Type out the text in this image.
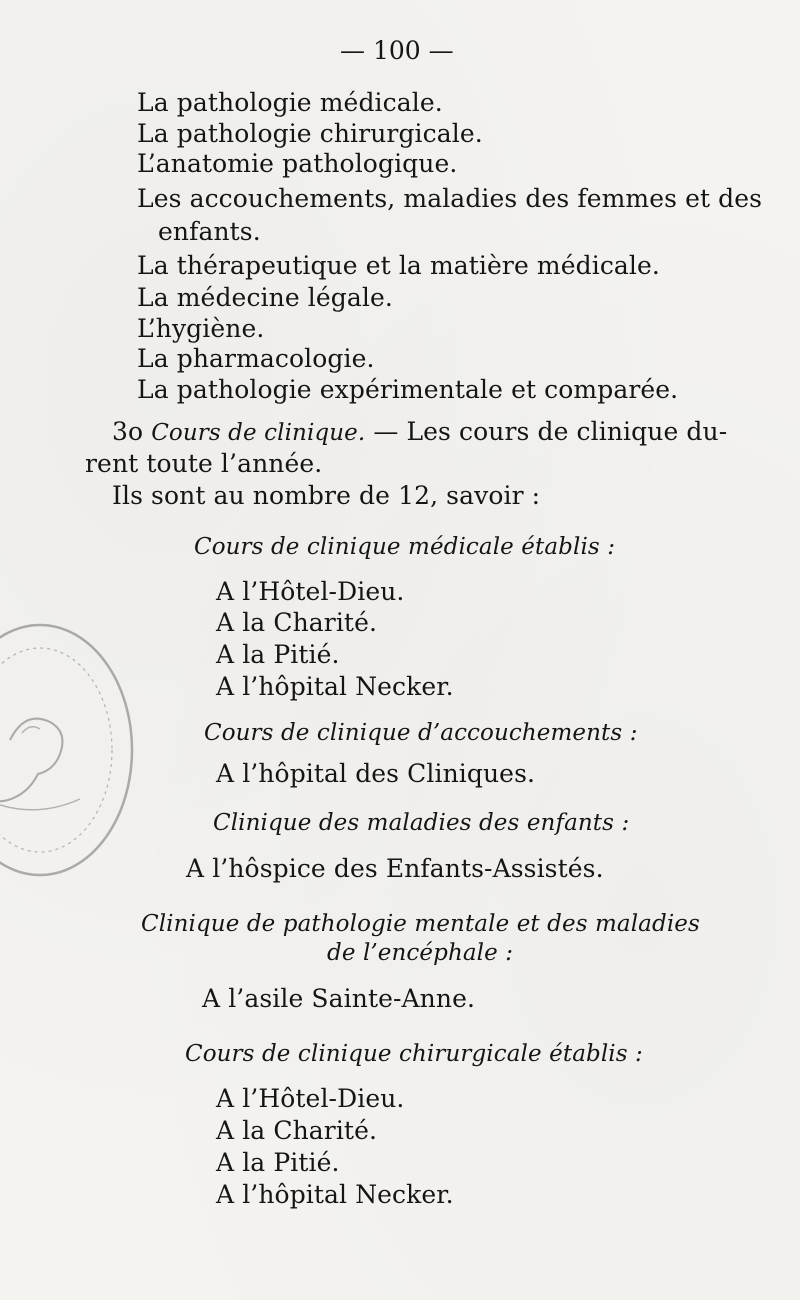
— 100 —
La pathologie médicale.
La pathologie chirurgicale.
L’anatomie pathologique.
Les accouchements, maladies des femmes et des
enfants.
La thérapeutique et la matière médicale.
La médecine légale.
L’hygiène.
La pharmacologie.
La pathologie expérimentale et comparée.
3o Cours de clinique. — Les cours de clinique du-
rent toute l’année.
Ils sont au nombre de 12, savoir :
Cours de clinique médicale établis :
A l’Hôtel-Dieu.
A la Charité.
A la Pitié.
A l’hôpital Necker.
Cours de clinique d’accouchements :
A l’hôpital des Cliniques.
Clinique des maladies des enfants :
A l’hôspice des Enfants-Assistés.
Clinique de pathologie mentale et des maladies
de l’encéphale :
A l’asile Sainte-Anne.
Cours de clinique chirurgicale établis :
A l’Hôtel-Dieu.
A la Charité.
A la Pitié.
A l’hôpital Necker.
